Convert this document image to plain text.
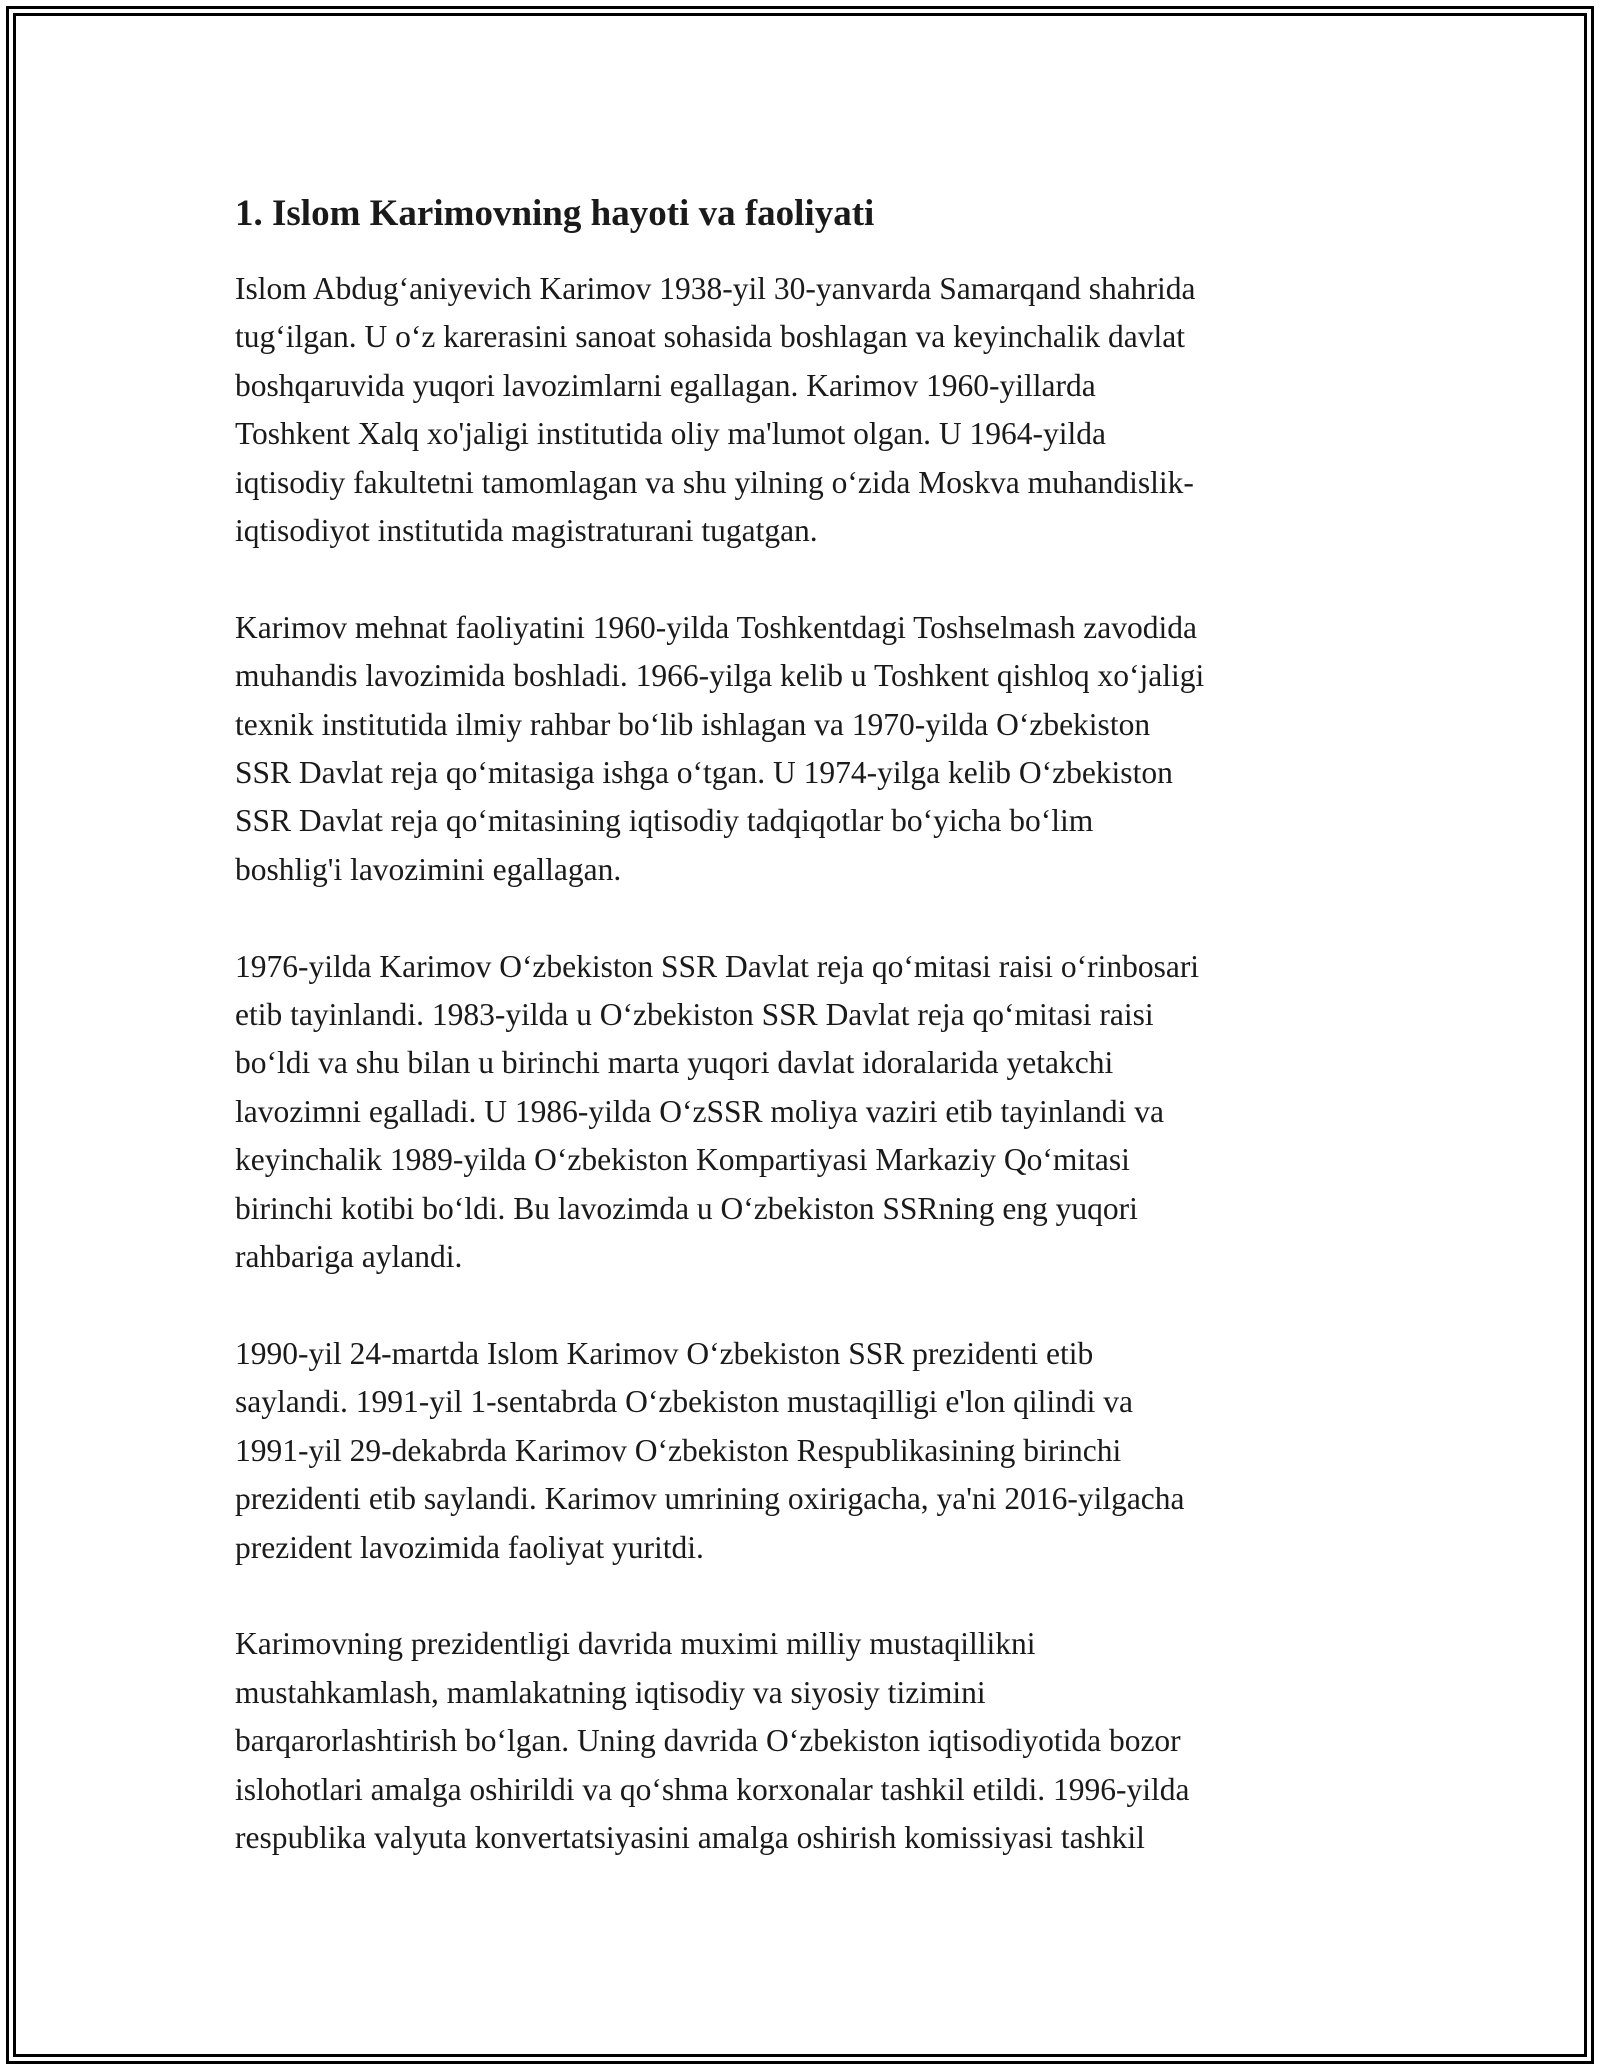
1. Islom Karimovning hayoti va faoliyati
Islom Abdug‘aniyevich Karimov 1938-yil 30-yanvarda Samarqand shahrida
tug‘ilgan. U o‘z karerasini sanoat sohasida boshlagan va keyinchalik davlat
boshqaruvida yuqori lavozimlarni egallagan. Karimov 1960-yillarda
Toshkent Xalq xo'jaligi institutida oliy ma'lumot olgan. U 1964-yilda
iqtisodiy fakultetni tamomlagan va shu yilning o‘zida Moskva muhandislik-
iqtisodiyot institutida magistraturani tugatgan.
Karimov mehnat faoliyatini 1960-yilda Toshkentdagi Toshselmash zavodida
muhandis lavozimida boshladi. 1966-yilga kelib u Toshkent qishloq xo‘jaligi
texnik institutida ilmiy rahbar bo‘lib ishlagan va 1970-yilda O‘zbekiston
SSR Davlat reja qo‘mitasiga ishga o‘tgan. U 1974-yilga kelib O‘zbekiston
SSR Davlat reja qo‘mitasining iqtisodiy tadqiqotlar bo‘yicha bo‘lim
boshlig'i lavozimini egallagan.
1976-yilda Karimov O‘zbekiston SSR Davlat reja qo‘mitasi raisi o‘rinbosari
etib tayinlandi. 1983-yilda u O‘zbekiston SSR Davlat reja qo‘mitasi raisi
bo‘ldi va shu bilan u birinchi marta yuqori davlat idoralarida yetakchi
lavozimni egalladi. U 1986-yilda O‘zSSR moliya vaziri etib tayinlandi va
keyinchalik 1989-yilda O‘zbekiston Kompartiyasi Markaziy Qo‘mitasi
birinchi kotibi bo‘ldi. Bu lavozimda u O‘zbekiston SSRning eng yuqori
rahbariga aylandi.
1990-yil 24-martda Islom Karimov O‘zbekiston SSR prezidenti etib
saylandi. 1991-yil 1-sentabrda O‘zbekiston mustaqilligi e'lon qilindi va
1991-yil 29-dekabrda Karimov O‘zbekiston Respublikasining birinchi
prezidenti etib saylandi. Karimov umrining oxirigacha, ya'ni 2016-yilgacha
prezident lavozimida faoliyat yuritdi.
Karimovning prezidentligi davrida muximi milliy mustaqillikni
mustahkamlash, mamlakatning iqtisodiy va siyosiy tizimini
barqarorlashtirish bo‘lgan. Uning davrida O‘zbekiston iqtisodiyotida bozor
islohotlari amalga oshirildi va qo‘shma korxonalar tashkil etildi. 1996-yilda
respublika valyuta konvertatsiyasini amalga oshirish komissiyasi tashkil
